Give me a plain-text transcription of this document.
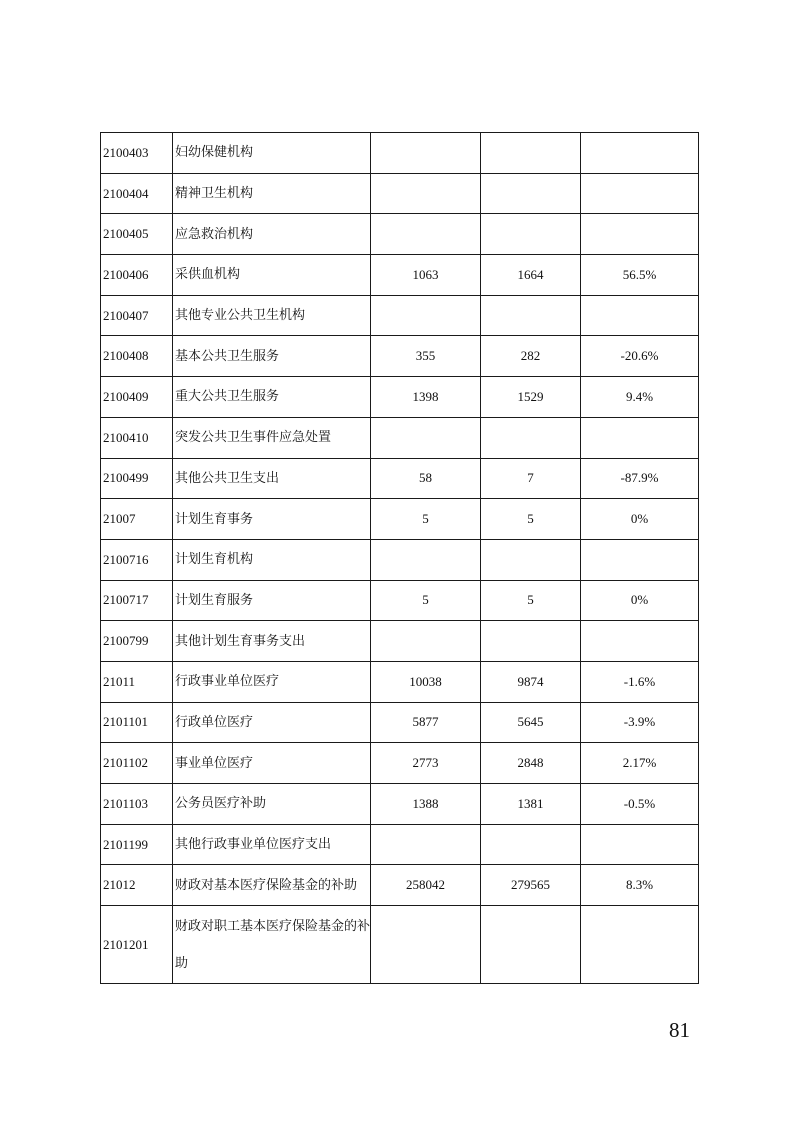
2100403	妇幼保健机构			
2100404	精神卫生机构			
2100405	应急救治机构			
2100406	采供血机构	1063	1664	56.5%
2100407	其他专业公共卫生机构			
2100408	基本公共卫生服务	355	282	-20.6%
2100409	重大公共卫生服务	1398	1529	9.4%
2100410	突发公共卫生事件应急处置			
2100499	其他公共卫生支出	58	7	-87.9%
21007	计划生育事务	5	5	0%
2100716	计划生育机构			
2100717	计划生育服务	5	5	0%
2100799	其他计划生育事务支出			
21011	行政事业单位医疗	10038	9874	-1.6%
2101101	行政单位医疗	5877	5645	-3.9%
2101102	事业单位医疗	2773	2848	2.17%
2101103	公务员医疗补助	1388	1381	-0.5%
2101199	其他行政事业单位医疗支出			
21012	财政对基本医疗保险基金的补助	258042	279565	8.3%
2101201	财政对职工基本医疗保险基金的补助			
81
